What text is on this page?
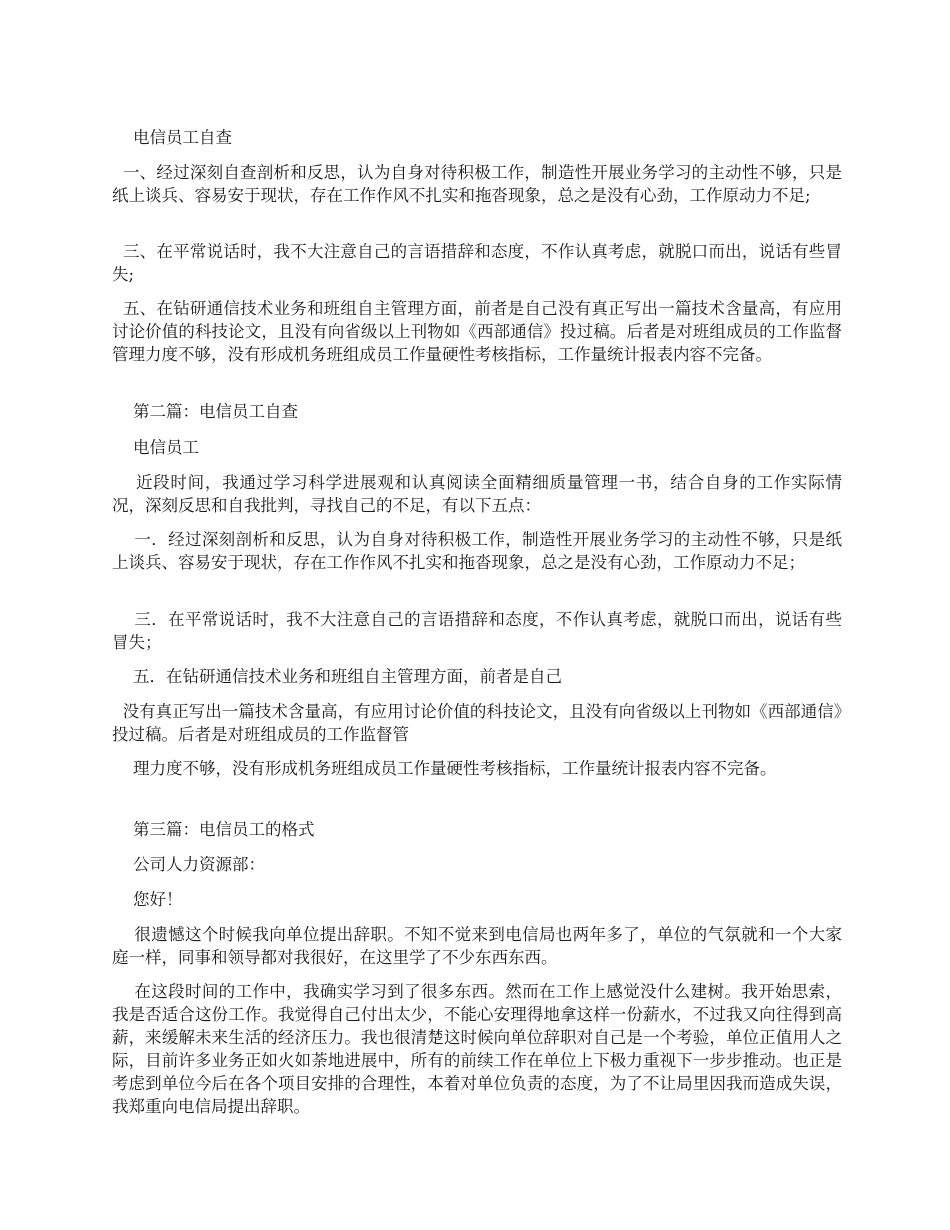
电信员工自查

一、经过深刻自查剖析和反思，认为自身对待积极工作，制造性开展业务学习的主动性不够，只是纸上谈兵、容易安于现状，存在工作作风不扎实和拖沓现象，总之是没有心劲，工作原动力不足;

三、在平常说话时，我不大注意自己的言语措辞和态度，不作认真考虑，就脱口而出，说话有些冒失;

五、在钻研通信技术业务和班组自主管理方面，前者是自己没有真正写出一篇技术含量高，有应用讨论价值的科技论文，且没有向省级以上刊物如《西部通信》投过稿。后者是对班组成员的工作监督管理力度不够，没有形成机务班组成员工作量硬性考核指标，工作量统计报表内容不完备。

第二篇：电信员工自查

电信员工

近段时间，我通过学习科学进展观和认真阅读全面精细质量管理一书，结合自身的工作实际情况，深刻反思和自我批判，寻找自己的不足，有以下五点：

一．经过深刻剖析和反思，认为自身对待积极工作，制造性开展业务学习的主动性不够，只是纸上谈兵、容易安于现状，存在工作作风不扎实和拖沓现象，总之是没有心劲，工作原动力不足；

三．在平常说话时，我不大注意自己的言语措辞和态度，不作认真考虑，就脱口而出，说话有些冒失；

五．在钻研通信技术业务和班组自主管理方面，前者是自己

没有真正写出一篇技术含量高，有应用讨论价值的科技论文，且没有向省级以上刊物如《西部通信》投过稿。后者是对班组成员的工作监督管

理力度不够，没有形成机务班组成员工作量硬性考核指标，工作量统计报表内容不完备。

第三篇：电信员工的格式

公司人力资源部：

您好！

很遗憾这个时候我向单位提出辞职。不知不觉来到电信局也两年多了，单位的气氛就和一个大家庭一样，同事和领导都对我很好，在这里学了不少东西东西。

在这段时间的工作中，我确实学习到了很多东西。然而在工作上感觉没什么建树。我开始思索，我是否适合这份工作。我觉得自己付出太少，不能心安理得地拿这样一份薪水，不过我又向往得到高薪，来缓解未来生活的经济压力。我也很清楚这时候向单位辞职对自己是一个考验，单位正值用人之际，目前许多业务正如火如荼地进展中，所有的前续工作在单位上下极力重视下一步步推动。也正是考虑到单位今后在各个项目安排的合理性，本着对单位负责的态度，为了不让局里因我而造成失误，我郑重向电信局提出辞职。
